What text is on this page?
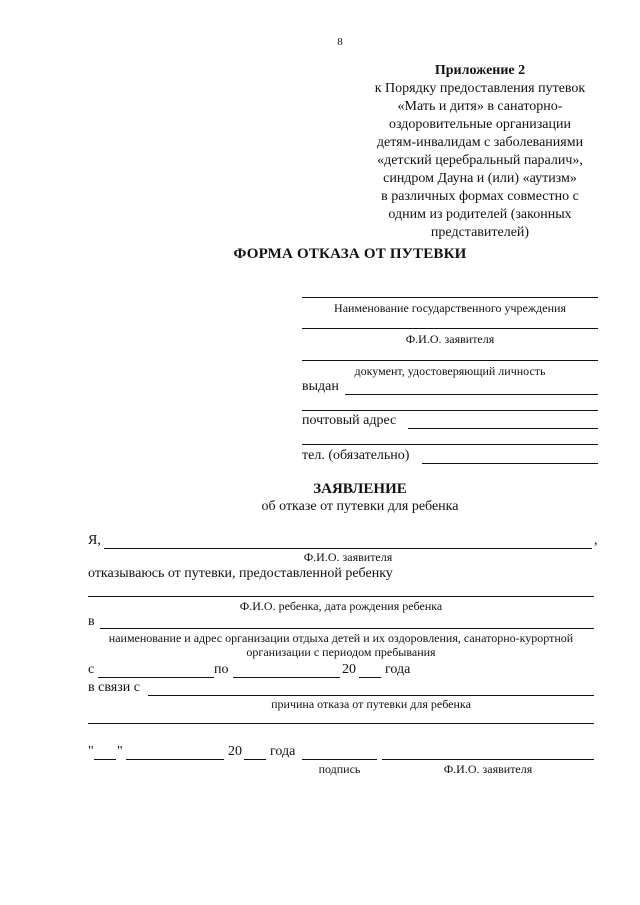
8
Приложение 2
к Порядку предоставления путевок
«Мать и дитя» в санаторно-
оздоровительные организации
детям-инвалидам с заболеваниями
«детский церебральный паралич»,
синдром Дауна и (или) «аутизм»
в различных формах совместно с
одним из родителей (законных
представителей)
ФОРМА ОТКАЗА ОТ ПУТЕВКИ
Наименование государственного учреждения
Ф.И.О. заявителя
документ, удостоверяющий личность
выдан
почтовый адрес
тел. (обязательно)
ЗАЯВЛЕНИЕ
об отказе от путевки для ребенка
Я,	,
Ф.И.О. заявителя
отказываюсь от путевки, предоставленной ребенку
Ф.И.О. ребенка, дата рождения ребенка
в
наименование и адрес организации отдыха детей и их оздоровления, санаторно-курортной
организации с периодом пребывания
с	по	20 года
в связи с
причина отказа от путевки для ребенка
" "	20 года
подпись	Ф.И.О. заявителя
